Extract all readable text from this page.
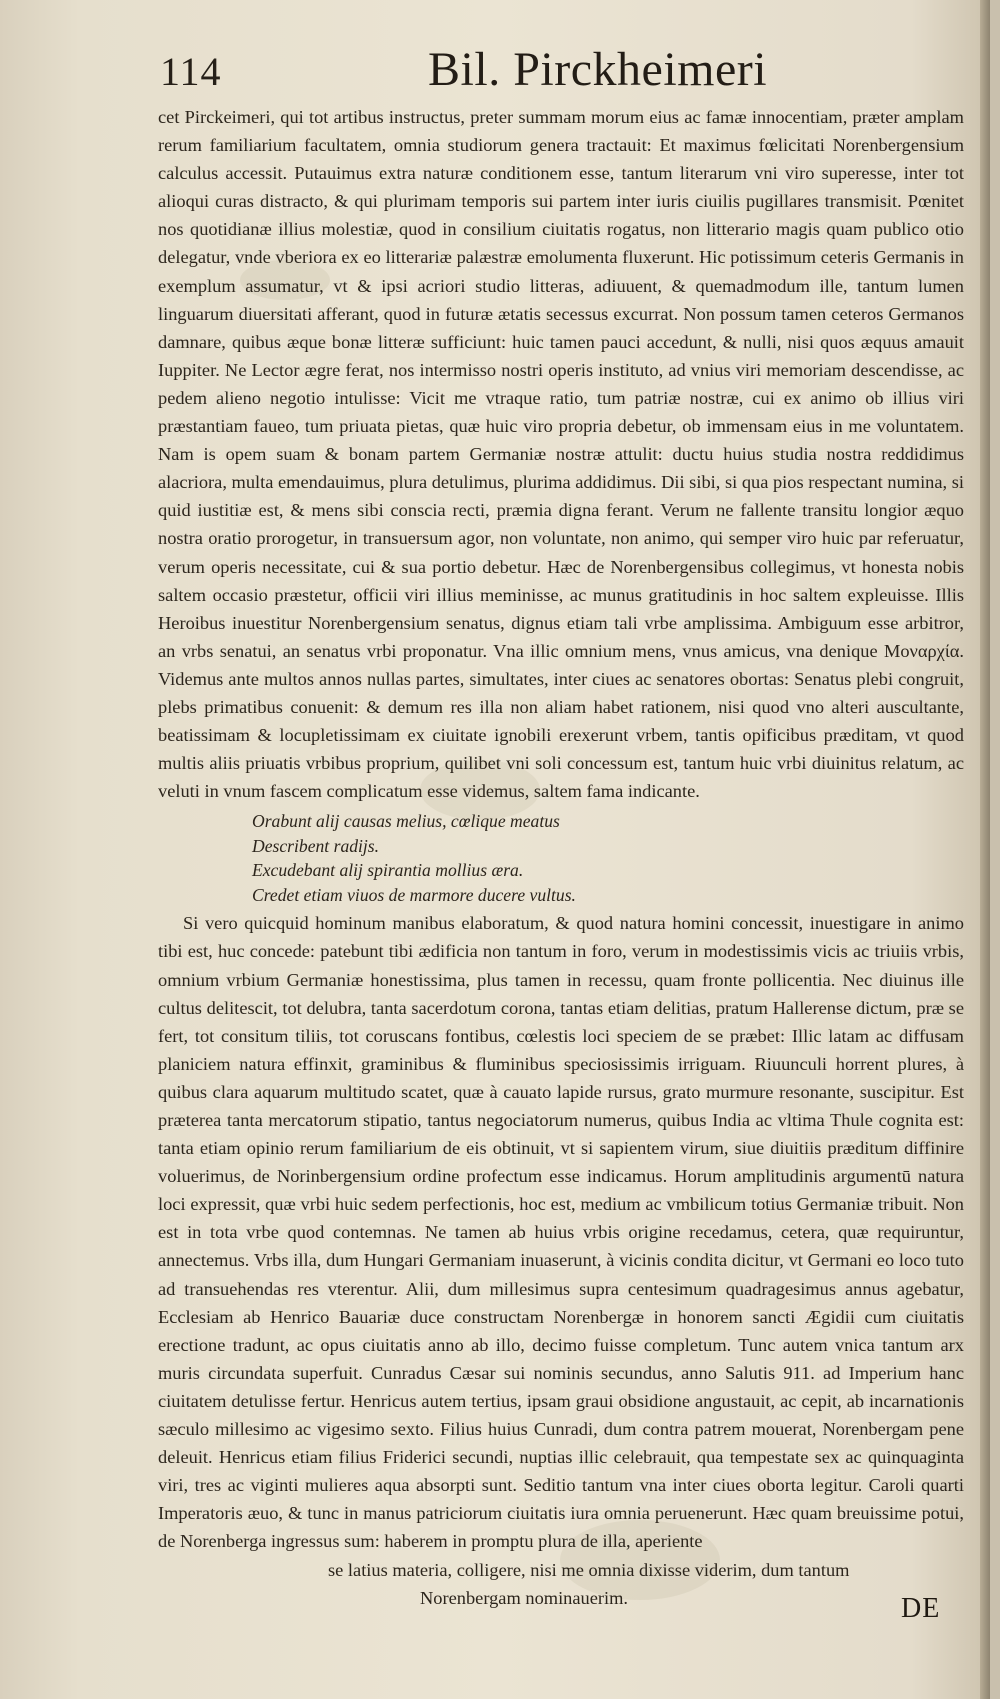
114	Bil. Pirckheimeri

cet Pirckeimeri, qui tot artibus instructus, preter summam morum eius ac famæ innocentiam, præter amplam rerum familiarium facultatem, omnia studiorum genera tractauit: Et maximus fœlicitati Norenbergensium calculus accessit. Putauimus extra naturæ conditionem esse, tantum literarum vni viro superesse, inter tot alioqui curas distracto, & qui plurimam temporis sui partem inter iuris ciuilis pugillares transmisit. Pœnitet nos quotidianæ illius molestiæ, quod in consilium ciuitatis rogatus, non litterario magis quam publico otio delegatur, vnde vberiora ex eo litterariæ palæstræ emolumenta fluxerunt. Hic potissimum ceteris Germanis in exemplum assumatur, vt & ipsi acriori studio litteras, adiuuent, & quemadmodum ille, tantum lumen linguarum diuersitati afferant, quod in futuræ ætatis secessus excurrat. Non possum tamen ceteros Germanos damnare, quibus æque bonæ litteræ sufficiunt: huic tamen pauci accedunt, & nulli, nisi quos æquus amauit Iuppiter. Ne Lector ægre ferat, nos intermisso nostri operis instituto, ad vnius viri memoriam descendisse, ac pedem alieno negotio intulisse: Vicit me vtraque ratio, tum patriæ nostræ, cui ex animo ob illius viri præstantiam faueo, tum priuata pietas, quæ huic viro propria debetur, ob immensam eius in me voluntatem. Nam is opem suam & bonam partem Germaniæ nostræ attulit: ductu huius studia nostra reddidimus alacriora, multa emendauimus, plura detulimus, plurima addidimus. Dii sibi, si qua pios respectant numina, si quid iustitiæ est, & mens sibi conscia recti, præmia digna ferant. Verum ne fallente transitu longior æquo nostra oratio prorogetur, in transuersum agor, non voluntate, non animo, qui semper viro huic par referuatur, verum operis necessitate, cui & sua portio debetur. Hæc de Norenbergensibus collegimus, vt honesta nobis saltem occasio præstetur, officii viri illius meminisse, ac munus gratitudinis in hoc saltem expleuisse. Illis Heroibus inuestitur Norenbergensium senatus, dignus etiam tali vrbe amplissima. Ambiguum esse arbitror, an vrbs senatui, an senatus vrbi proponatur. Vna illic omnium mens, vnus amicus, vna denique Μοναρχία. Videmus ante multos annos nullas partes, simultates, inter ciues ac senatores obortas: Senatus plebi congruit, plebs primatibus conuenit: & demum res illa non aliam habet rationem, nisi quod vno alteri auscultante, beatissimam & locupletissimam ex ciuitate ignobili erexerunt vrbem, tantis opificibus præditam, vt quod multis aliis priuatis vrbibus proprium, quilibet vni soli concessum est, tantum huic vrbi diuinitus relatum, ac veluti in vnum fascem complicatum esse videmus, saltem fama indicante.

Orabunt alij causas melius, cœlique meatus
Describent radijs.
Excudebant alij spirantia mollius æra.
Credet etiam viuos de marmore ducere vultus.

Si vero quicquid hominum manibus elaboratum, & quod natura homini concessit, inuestigare in animo tibi est, huc concede: patebunt tibi ædificia non tantum in foro, verum in modestissimis vicis ac triuiis vrbis, omnium vrbium Germaniæ honestissima, plus tamen in recessu, quam fronte pollicentia. Nec diuinus ille cultus delitescit, tot delubra, tanta sacerdotum corona, tantas etiam delitias, pratum Hallerense dictum, præ se fert, tot consitum tiliis, tot coruscans fontibus, cœlestis loci speciem de se præbet: Illic latam ac diffusam planiciem natura effinxit, graminibus & fluminibus speciosissimis irriguam. Riuunculi horrent plures, à quibus clara aquarum multitudo scatet, quæ à cauato lapide rursus, grato murmure resonante, suscipitur. Est præterea tanta mercatorum stipatio, tantus negociatorum numerus, quibus India ac vltima Thule cognita est: tanta etiam opinio rerum familiarium de eis obtinuit, vt si sapientem virum, siue diuitiis præditum diffinire voluerimus, de Norinbergensium ordine profectum esse indicamus. Horum amplitudinis argumentū natura loci expressit, quæ vrbi huic sedem perfectionis, hoc est, medium ac vmbilicum totius Germaniæ tribuit. Non est in tota vrbe quod contemnas. Ne tamen ab huius vrbis origine recedamus, cetera, quæ requiruntur, annectemus. Vrbs illa, dum Hungari Germaniam inuaserunt, à vicinis condita dicitur, vt Germani eo loco tuto ad transuehendas res vterentur. Alii, dum millesimus supra centesimum quadragesimus annus agebatur, Ecclesiam ab Henrico Bauariæ duce constructam Norenbergæ in honorem sancti Ægidii cum ciuitatis erectione tradunt, ac opus ciuitatis anno ab illo, decimo fuisse completum. Tunc autem vnica tantum arx muris circundata superfuit. Cunradus Cæsar sui nominis secundus, anno Salutis 911. ad Imperium hanc ciuitatem detulisse fertur. Henricus autem tertius, ipsam graui obsidione angustauit, ac cepit, ab incarnationis sæculo millesimo ac vigesimo sexto. Filius huius Cunradi, dum contra patrem mouerat, Norenbergam pene deleuit. Henricus etiam filius Friderici secundi, nuptias illic celebrauit, qua tempestate sex ac quinquaginta viri, tres ac viginti mulieres aqua absorpti sunt. Seditio tantum vna inter ciues oborta legitur. Caroli quarti Imperatoris æuo, & tunc in manus patriciorum ciuitatis iura omnia peruenerunt. Hæc quam breuissime potui, de Norenberga ingressus sum: haberem in promptu plura de illa, aperiente

se latius materia, colligere, nisi me omnia dixisse viderim, dum tantum

Norenbergam nominauerim.	DE
